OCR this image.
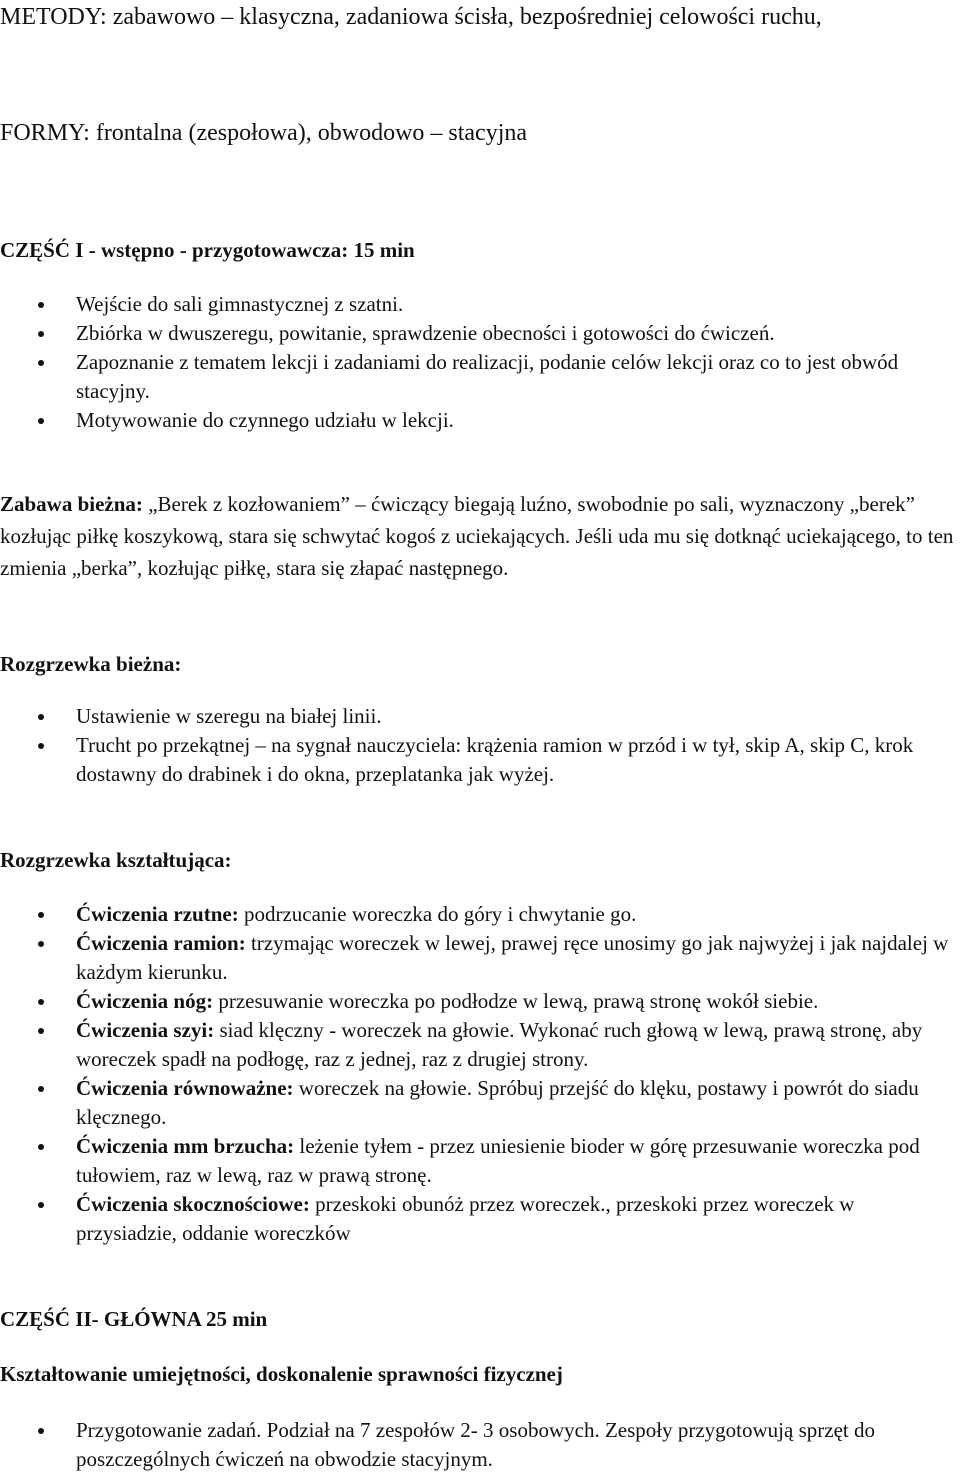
METODY: zabawowo – klasyczna, zadaniowa ścisła, bezpośredniej celowości ruchu,

FORMY: frontalna (zespołowa), obwodowo – stacyjna

CZĘŚĆ I - wstępno - przygotowawcza: 15 min

Wejście do sali gimnastycznej z szatni.
Zbiórka w dwuszeregu, powitanie, sprawdzenie obecności i gotowości do ćwiczeń.
Zapoznanie z tematem lekcji i zadaniami do realizacji, podanie celów lekcji oraz co to jest obwód stacyjny.
Motywowanie do czynnego udziału w lekcji.

Zabawa bieżna: „Berek z kozłowaniem” – ćwiczący biegają luźno, swobodnie po sali, wyznaczony „berek” kozłując piłkę koszykową, stara się schwytać kogoś z uciekających. Jeśli uda mu się dotknąć uciekającego, to ten zmienia „berka”, kozłując piłkę, stara się złapać następnego.

Rozgrzewka bieżna:

Ustawienie w szeregu na białej linii.
Trucht po przekątnej – na sygnał nauczyciela: krążenia ramion w przód i w tył, skip A, skip C, krok dostawny do drabinek i do okna, przeplatanka jak wyżej.

Rozgrzewka kształtująca:

Ćwiczenia rzutne: podrzucanie woreczka do góry i chwytanie go.
Ćwiczenia ramion: trzymając woreczek w lewej, prawej ręce unosimy go jak najwyżej i jak najdalej w każdym kierunku.
Ćwiczenia nóg: przesuwanie woreczka po podłodze w lewą, prawą stronę wokół siebie.
Ćwiczenia szyi: siad klęczny - woreczek na głowie. Wykonać ruch głową w lewą, prawą stronę, aby woreczek spadł na podłogę, raz z jednej, raz z drugiej strony.
Ćwiczenia równoważne: woreczek na głowie. Spróbuj przejść do klęku, postawy i powrót do siadu klęcznego.
Ćwiczenia mm brzucha: leżenie tyłem - przez uniesienie bioder w górę przesuwanie woreczka pod tułowiem, raz w lewą, raz w prawą stronę.
Ćwiczenia skocznościowe: przeskoki obunóż przez woreczek., przeskoki przez woreczek w przysiadzie, oddanie woreczków

CZĘŚĆ II- GŁÓWNA 25 min

Kształtowanie umiejętności, doskonalenie sprawności fizycznej

Przygotowanie zadań. Podział na 7 zespołów 2- 3 osobowych. Zespoły przygotowują sprzęt do poszczególnych ćwiczeń na obwodzie stacyjnym.
